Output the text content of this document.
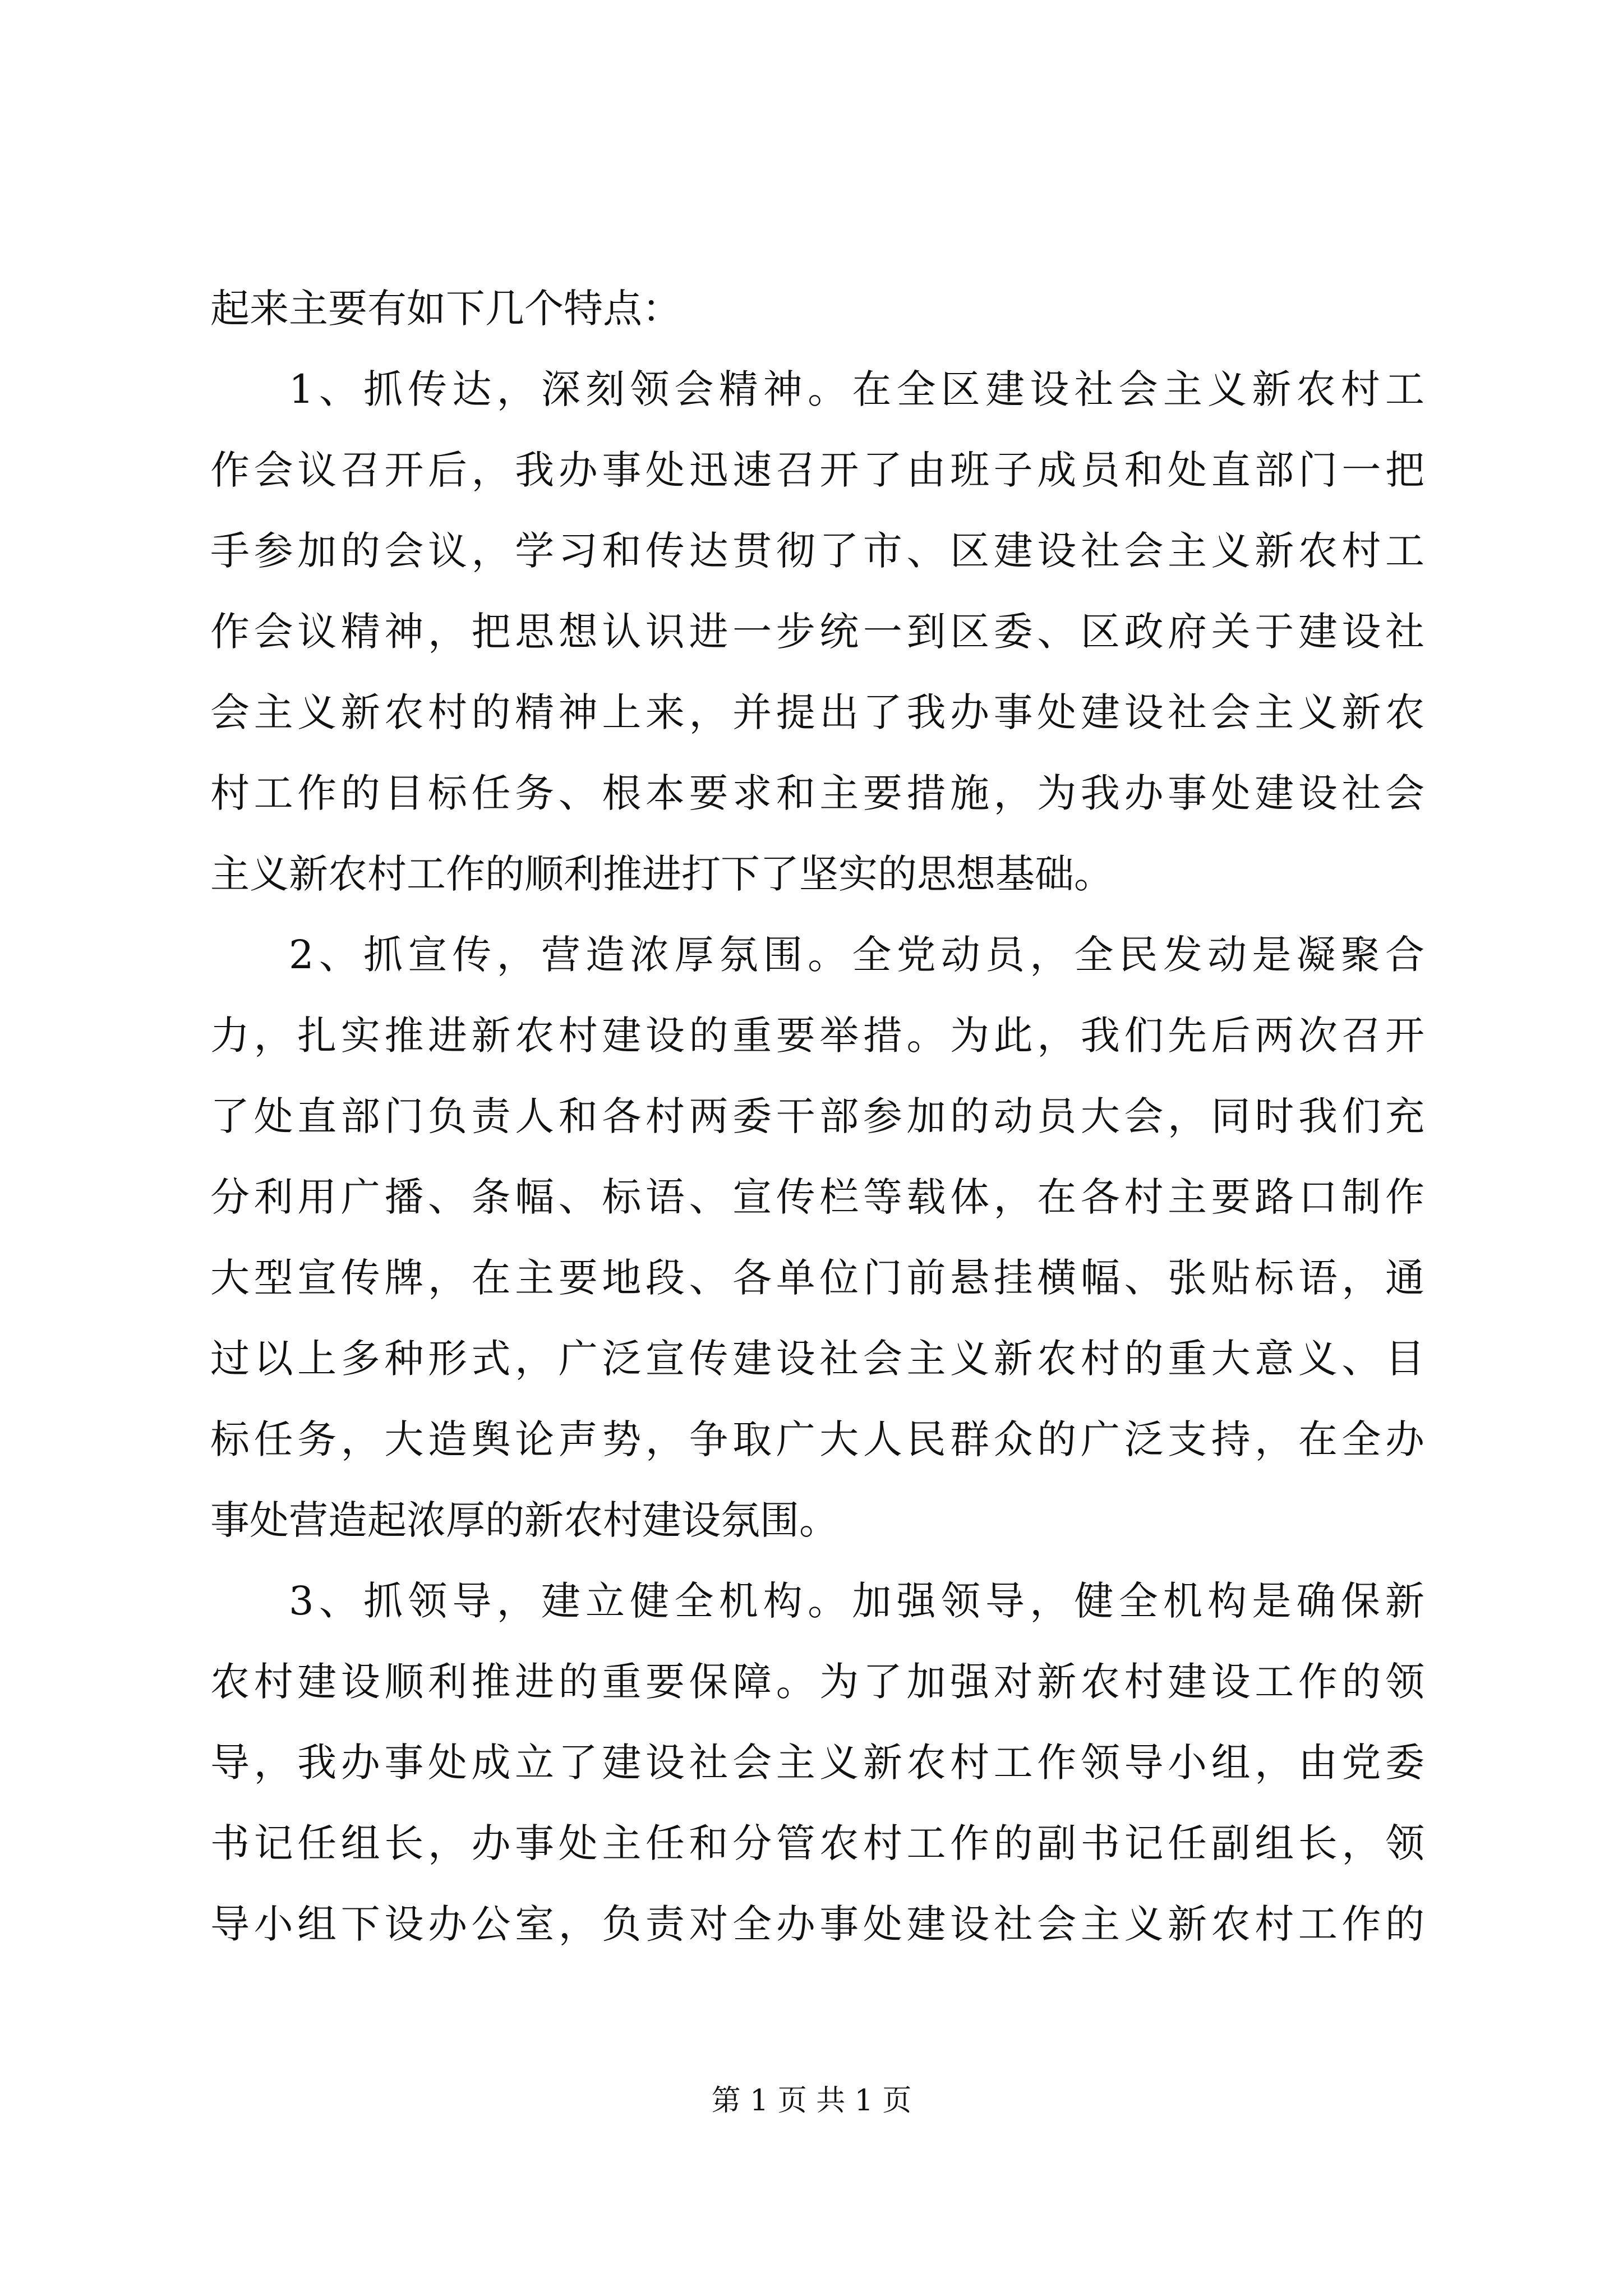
起来主要有如下几个特点：
1、抓传达，深刻领会精神。在全区建设社会主义新农村工
作会议召开后，我办事处迅速召开了由班子成员和处直部门一把
手参加的会议，学习和传达贯彻了市、区建设社会主义新农村工
作会议精神，把思想认识进一步统一到区委、区政府关于建设社
会主义新农村的精神上来，并提出了我办事处建设社会主义新农
村工作的目标任务、根本要求和主要措施，为我办事处建设社会
主义新农村工作的顺利推进打下了坚实的思想基础。
2、抓宣传，营造浓厚氛围。全党动员，全民发动是凝聚合
力，扎实推进新农村建设的重要举措。为此，我们先后两次召开
了处直部门负责人和各村两委干部参加的动员大会，同时我们充
分利用广播、条幅、标语、宣传栏等载体，在各村主要路口制作
大型宣传牌，在主要地段、各单位门前悬挂横幅、张贴标语，通
过以上多种形式，广泛宣传建设社会主义新农村的重大意义、目
标任务，大造舆论声势，争取广大人民群众的广泛支持，在全办
事处营造起浓厚的新农村建设氛围。
3、抓领导，建立健全机构。加强领导，健全机构是确保新
农村建设顺利推进的重要保障。为了加强对新农村建设工作的领
导，我办事处成立了建设社会主义新农村工作领导小组，由党委
书记任组长，办事处主任和分管农村工作的副书记任副组长，领
导小组下设办公室，负责对全办事处建设社会主义新农村工作的
第 1 页 共 1 页
